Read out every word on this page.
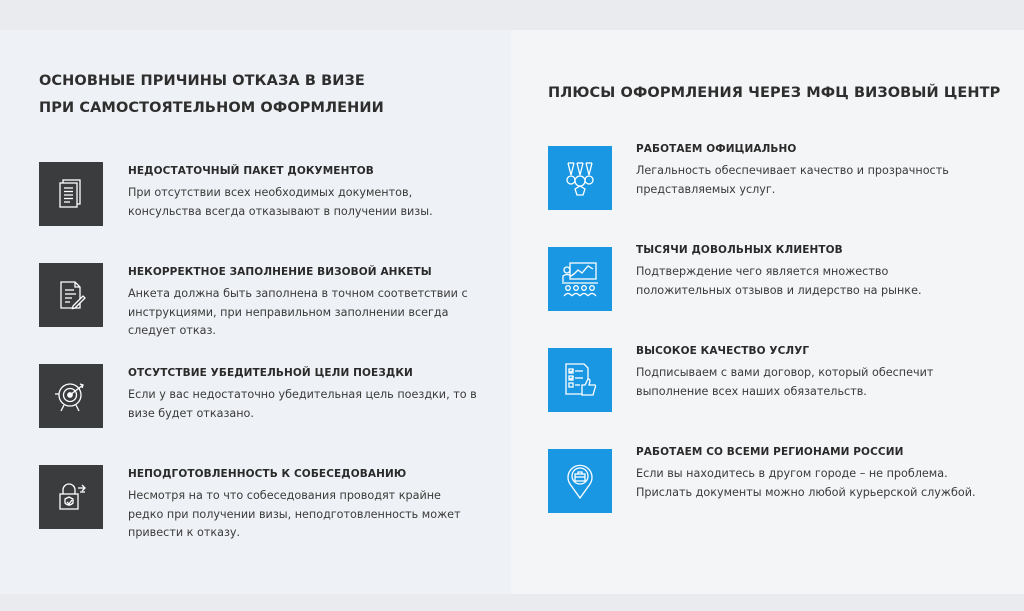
ОСНОВНЫЕ ПРИЧИНЫ ОТКАЗА В ВИЗЕ ПРИ САМОСТОЯТЕЛЬНОМ ОФОРМЛЕНИИ
НЕДОСТАТОЧНЫЙ ПАКЕТ ДОКУМЕНТОВ
При отсутствии всех необходимых документов, консульства всегда отказывают в получении визы.
НЕКОРРЕКТНОЕ ЗАПОЛНЕНИЕ ВИЗОВОЙ АНКЕТЫ
Анкета должна быть заполнена в точном соответствии с инструкциями, при неправильном заполнении всегда следует отказ.
ОТСУТСТВИЕ УБЕДИТЕЛЬНОЙ ЦЕЛИ ПОЕЗДКИ
Если у вас недостаточно убедительная цель поездки, то в визе будет отказано.
НЕПОДГОТОВЛЕННОСТЬ К СОБЕСЕДОВАНИЮ
Несмотря на то что собеседования проводят крайне редко при получении визы, неподготовленность может привести к отказу.
ПЛЮСЫ ОФОРМЛЕНИЯ ЧЕРЕЗ МФЦ ВИЗОВЫЙ ЦЕНТР
РАБОТАЕМ ОФИЦИАЛЬНО
Легальность обеспечивает качество и прозрачность представляемых услуг.
ТЫСЯЧИ ДОВОЛЬНЫХ КЛИЕНТОВ
Подтверждение чего является множество положительных отзывов и лидерство на рынке.
ВЫСОКОЕ КАЧЕСТВО УСЛУГ
Подписываем с вами договор, который обеспечит выполнение всех наших обязательств.
РАБОТАЕМ СО ВСЕМИ РЕГИОНАМИ РОССИИ
Если вы находитесь в другом городе – не проблема. Прислать документы можно любой курьерской службой.
